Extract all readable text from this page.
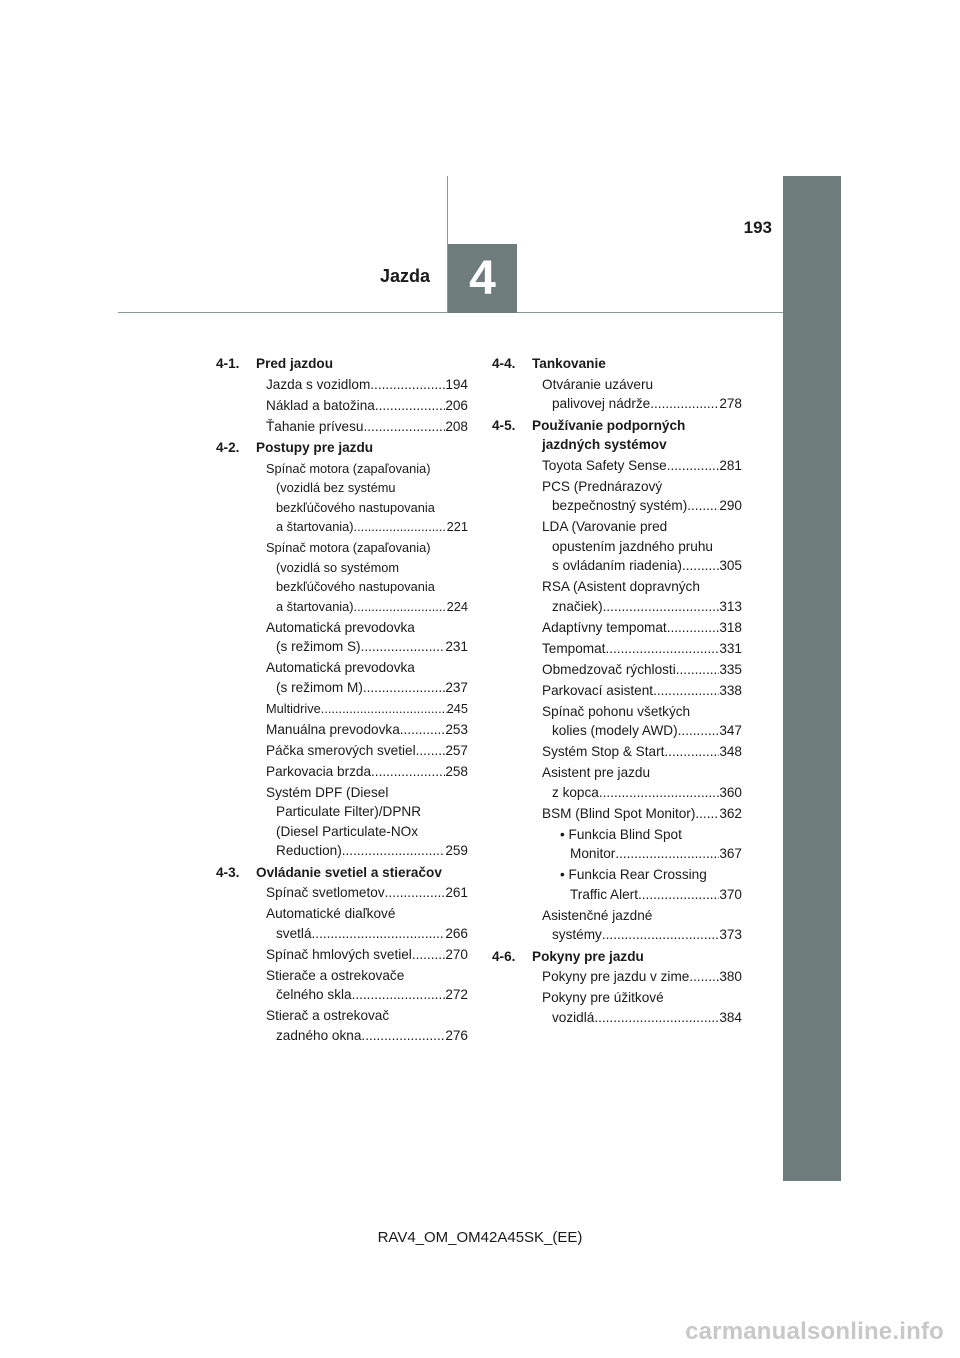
4
Jazda
193
4-1.	Pred jazdou
Jazda s vozidlom .....	194
Náklad a batožina .....	206
Ťahanie prívesu .....	208
4-2.	Postupy pre jazdu
Spínač motora (zapaľovania)
(vozidlá bez systému
bezkľúčového nastupovania
a štartovania) .....	221
Spínač motora (zapaľovania)
(vozidlá so systémom
bezkľúčového nastupovania
a štartovania) .....	224
Automatická prevodovka
(s režimom S) .....	231
Automatická prevodovka
(s režimom M) .....	237
Multidrive .....	245
Manuálna prevodovka .....	253
Páčka smerových svetiel ..... 257
Parkovacia brzda .....	258
Systém DPF (Diesel
Particulate Filter)/DPNR
(Diesel Particulate-NOx
Reduction) .....	259
4-3.	Ovládanie svetiel a stieračov
Spínač svetlometov .....	261
Automatické diaľkové
svetlá .....	266
Spínač hmlových svetiel ..... 270
Stierače a ostrekovače
čelného skla .....	272
Stierač a ostrekovač
zadného okna .....	276
4-4.	Tankovanie
Otváranie uzáveru
palivovej nádrže .....	278
4-5.	Používanie podporných jazdných systémov
Toyota Safety Sense .....	281
PCS (Prednárazový
bezpečnostný systém) ..... 290
LDA (Varovanie pred
opustením jazdného pruhu
s ovládaním riadenia) .....	305
RSA (Asistent dopravných
značiek) .....	313
Adaptívny tempomat .....	318
Tempomat .....	331
Obmedzovač rýchlosti .....	335
Parkovací asistent .....	338
Spínač pohonu všetkých
kolies (modely AWD) .....	347
Systém Stop & Start .....	348
Asistent pre jazdu
z kopca .....	360
BSM (Blind Spot Monitor) ..... 362
• Funkcia Blind Spot
Monitor .....	367
• Funkcia Rear Crossing
Traffic Alert .....	370
Asistenčné jazdné
systémy .....	373
4-6.	Pokyny pre jazdu
Pokyny pre jazdu v zime ..... 380
Pokyny pre úžitkové
vozidlá .....	384
RAV4_OM_OM42A45SK_(EE)
carmanualsonline.info
